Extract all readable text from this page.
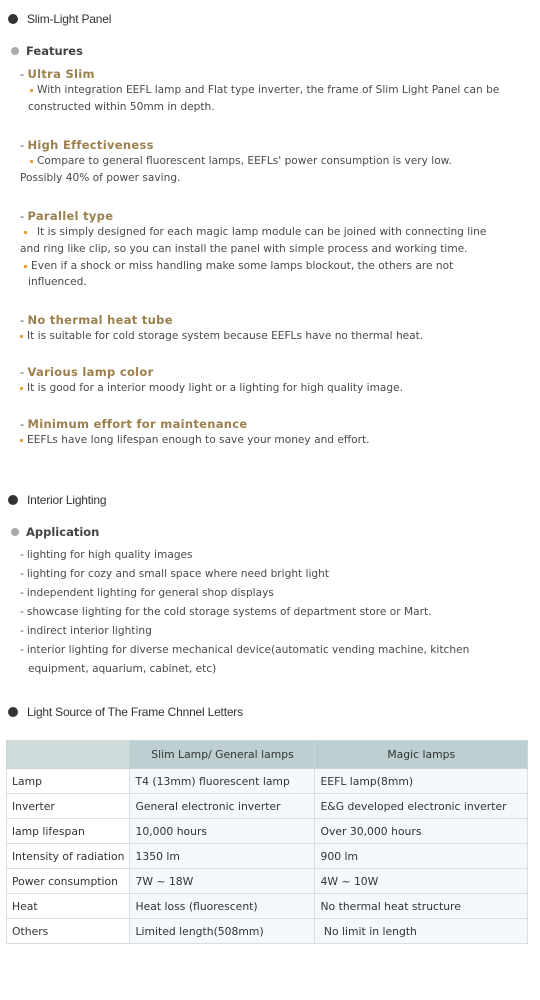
Slim-Light Panel
Features
- Ultra Slim
With integration EEFL lamp and Flat type inverter, the frame of Slim Light Panel can be
constructed within 50mm in depth.
- High Effectiveness
Compare to general fluorescent lamps, EEFLs' power consumption is very low.
Possibly 40% of power saving.
- Parallel type
It is simply designed for each magic lamp module can be joined with connecting line
and ring like clip, so you can install the panel with simple process and working time.
Even if a shock or miss handling make some lamps blockout, the others are not
influenced.
- No thermal heat tube
It is suitable for cold storage system because EEFLs have no thermal heat.
- Various lamp color
It is good for a interior moody light or a lighting for high quality image.
- Minimum effort for maintenance
EEFLs have long lifespan enough to save your money and effort.
Interior Lighting
Application
- lighting for high quality images
- lighting for cozy and small space where need bright light
- independent lighting for general shop displays
- showcase lighting for the cold storage systems of department store or Mart.
- indirect interior lighting
- interior lighting for diverse mechanical device(automatic vending machine, kitchen
equipment, aquarium, cabinet, etc)
Light Source of The Frame Chnnel Letters
	Slim Lamp/ General lamps	Magic lamps
Lamp	T4 (13mm) fluorescent lamp	EEFL lamp(8mm)
Inverter	General electronic inverter	E&G developed electronic inverter
lamp lifespan	10,000 hours	Over 30,000 hours
Intensity of radiation	1350 lm	900 lm
Power consumption	7W ~ 18W	4W ~ 10W
Heat	Heat loss (fluorescent)	No thermal heat structure
Others	Limited length(508mm)	No limit in length
